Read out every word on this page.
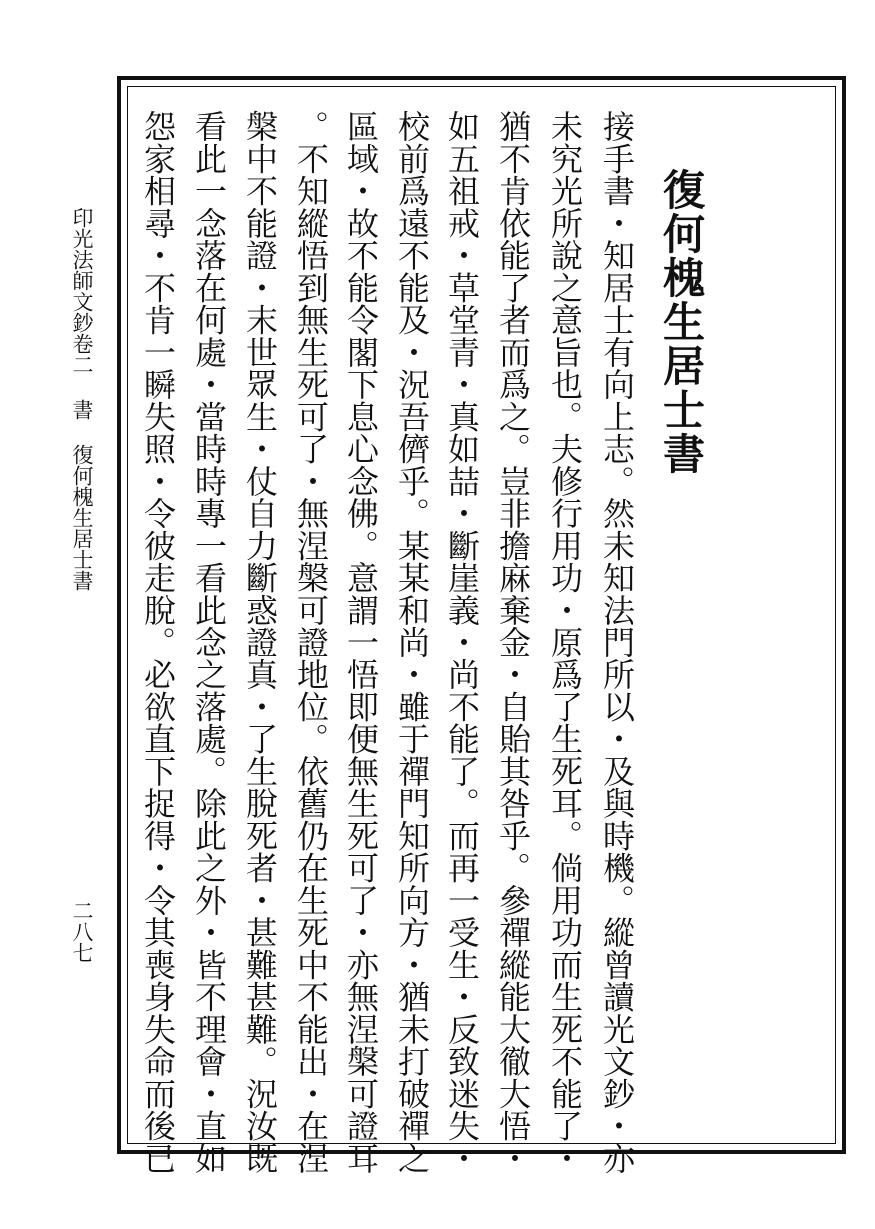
復何槐生居士書
接手書・知居士有向上志。然未知法門所以・及與時機。縱曾讀光文鈔・亦
未究光所說之意旨也。夫修行用功・原爲了生死耳。倘用功而生死不能了・
猶不肯依能了者而爲之。豈非擔麻棄金・自貽其咎乎。參禪縱能大徹大悟・
如五祖戒・草堂青・真如喆・斷崖義・尚不能了。而再一受生・反致迷失・
校前爲遠不能及・況吾儕乎。某某和尚・雖于禪門知所向方・猶未打破禪之
區域・故不能令閣下息心念佛。意謂一悟即便無生死可了・亦無涅槃可證耳
。不知縱悟到無生死可了・無涅槃可證地位。依舊仍在生死中不能出・在涅
槃中不能證・末世眾生・仗自力斷惑證真・了生脫死者・甚難甚難。況汝既
看此一念落在何處・當時時專一看此念之落處。除此之外・皆不理會・直如
怨家相尋・不肯一瞬失照・令彼走脫。必欲直下捉得・令其喪身失命而後已
印光法師文鈔卷二 書 復何槐生居士書
二八七
